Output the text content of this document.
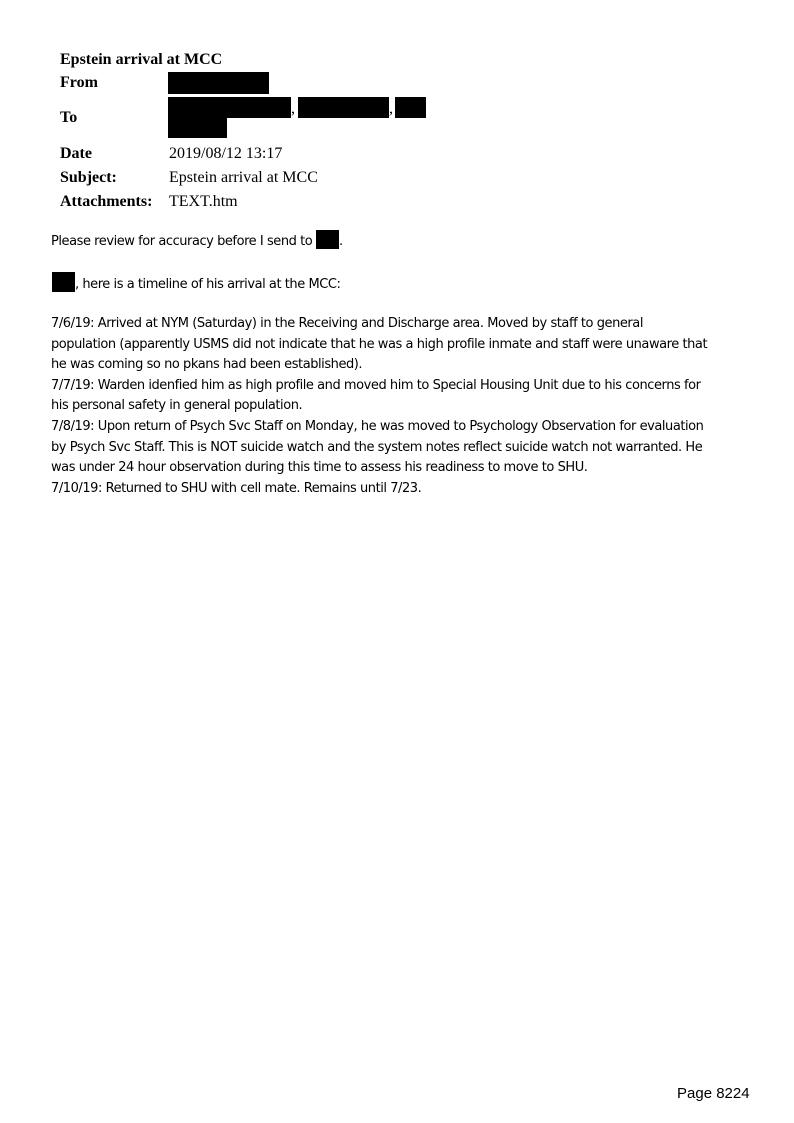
Epstein arrival at MCC
From
To
,	,
Date	2019/08/12 13:17
Subject:	Epstein arrival at MCC
Attachments: TEXT.htm
Please review for accuracy before I send to .
, here is a timeline of his arrival at the MCC:

7/6/19: Arrived at NYM (Saturday) in the Receiving and Discharge area. Moved by staff to general
population (apparently USMS did not indicate that he was a high profile inmate and staff were unaware that
he was coming so no pkans had been established).

7/7/19: Warden idenfied him as high profile and moved him to Special Housing Unit due to his concerns for
his personal safety in general population.

7/8/19: Upon return of Psych Svc Staff on Monday, he was moved to Psychology Observation for evaluation
by Psych Svc Staff. This is NOT suicide watch and the system notes reflect suicide watch not warranted. He
was under 24 hour observation during this time to assess his readiness to move to SHU.

7/10/19: Returned to SHU with cell mate. Remains until 7/23.

Page 8224
